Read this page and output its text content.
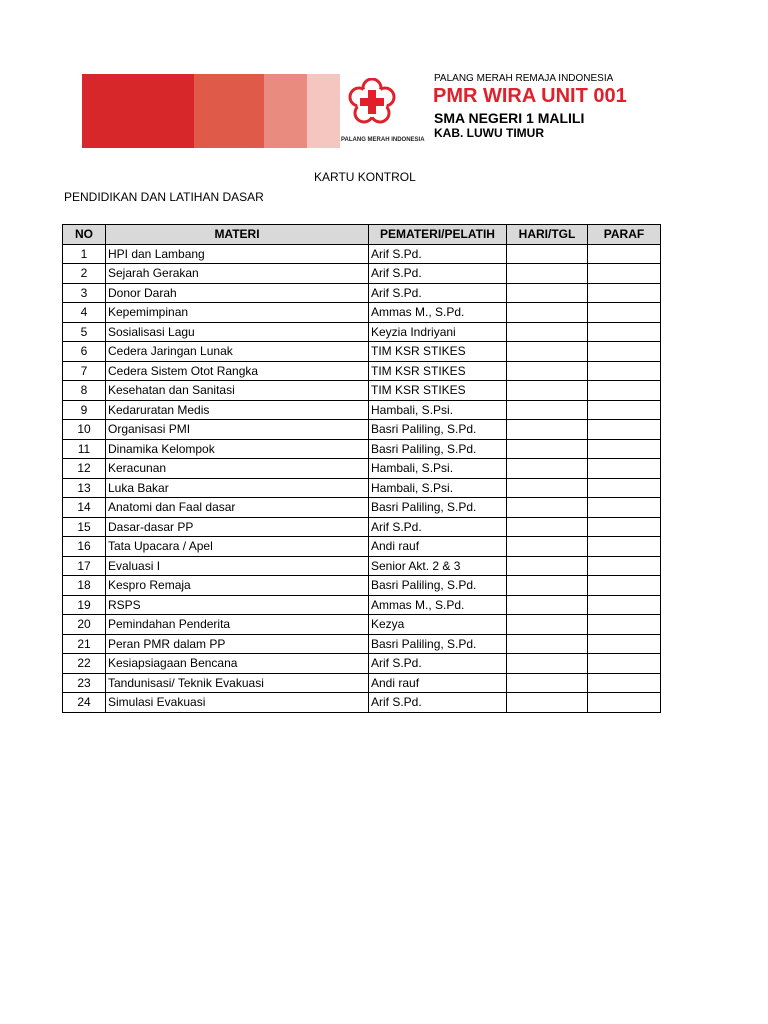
PALANG MERAH INDONESIA
PALANG MERAH REMAJA INDONESIA
PMR WIRA UNIT 001
SMA NEGERI 1 MALILI
KAB. LUWU TIMUR
KARTU KONTROL
PENDIDIKAN DAN LATIHAN DASAR
NO	MATERI	PEMATERI/PELATIH	HARI/TGL	PARAF
1	HPI dan Lambang	Arif S.Pd.		
2	Sejarah Gerakan	Arif S.Pd.		
3	Donor Darah	Arif S.Pd.		
4	Kepemimpinan	Ammas M., S.Pd.		
5	Sosialisasi Lagu	Keyzia Indriyani		
6	Cedera Jaringan Lunak	TIM KSR STIKES		
7	Cedera Sistem Otot Rangka	TIM KSR STIKES		
8	Kesehatan dan Sanitasi	TIM KSR STIKES		
9	Kedaruratan Medis	Hambali, S.Psi.		
10	Organisasi PMI	Basri Paliling, S.Pd.		
11	Dinamika Kelompok	Basri Paliling, S.Pd.		
12	Keracunan	Hambali, S.Psi.		
13	Luka Bakar	Hambali, S.Psi.		
14	Anatomi dan Faal dasar	Basri Paliling, S.Pd.		
15	Dasar-dasar PP	Arif S.Pd.		
16	Tata Upacara / Apel	Andi rauf		
17	Evaluasi I	Senior Akt. 2 & 3		
18	Kespro Remaja	Basri Paliling, S.Pd.		
19	RSPS	Ammas M., S.Pd.		
20	Pemindahan Penderita	Kezya		
21	Peran PMR dalam PP	Basri Paliling, S.Pd.		
22	Kesiapsiagaan Bencana	Arif S.Pd.		
23	Tandunisasi/ Teknik Evakuasi	Andi rauf		
24	Simulasi Evakuasi	Arif S.Pd.		
